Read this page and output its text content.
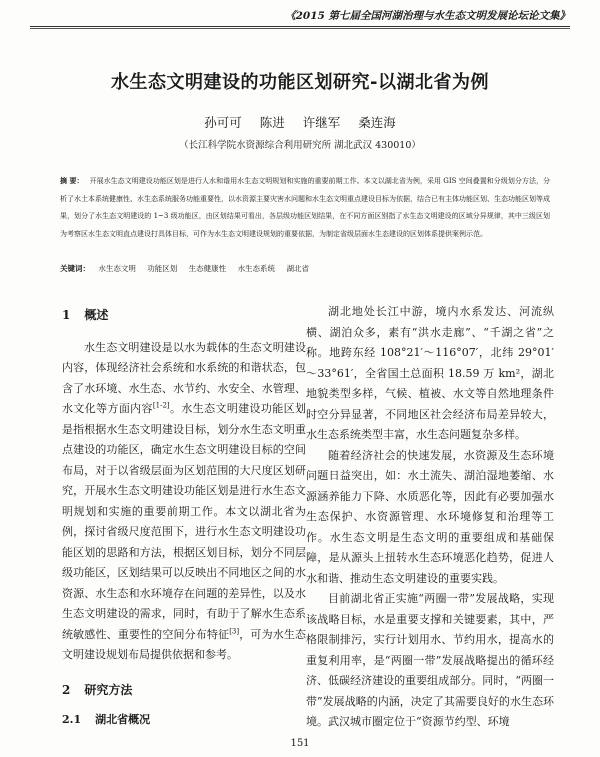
《2015 第七届全国河湖治理与水生态文明发展论坛论文集》
水生态文明建设的功能区划研究-以湖北省为例
孙可可 陈进 许继军 桑连海
（长江科学院水资源综合利用研究所 湖北武汉 430010）
摘 要： 开展水生态文明建设功能区划是进行人水和谐用水生态文明规划和实施的重要前期工作。本文以湖北省为例，采用 GIS 空间叠置和分级划分方法，分析了水土本系统健康性、水生态系统服务功能重要性，以水资源主要灾害水问题和水生态文明重点建设目标为依据，结合已有主体功能区划、生态功能区划等成果，划分了水生态文明建设的 1~3 级功能区，由区划结果可看出，各层级功能区划结果，在不同方面区别指了水生态文明建设的区域分异规律，其中三级区划为考察区水生态文明直点建设打具体目标，可作为水生态文明建设规划的重要依据，为制定省级层面水生态建设的区划体系提供案例示范。
关键词： 水生态文明 功能区划 生态健康性 水生态系统 湖北省
1 概述

水生态文明建设是以水为载体的生态文明建设内容，体现经济社会系统和水系统的和谐状态，包含了水环境、水生态、水节约、水安全、水管理、水文化等方面内容[1-2]。水生态文明建设功能区划是指根据水生态文明建设目标，划分水生态文明重点建设的功能区，确定水生态文明建设目标的空间布局，对于以省级层面为区划范围的大尺度区划研究，开展水生态文明建设功能区划是进行水生态文明规划和实施的重要前期工作。本文以湖北省为例，探讨省级尺度范围下，进行水生态文明建设功能区划的思路和方法，根据区划目标，划分不同层级功能区，区划结果可以反映出不同地区之间的水资源、水生态和水环境存在问题的差异性，以及水生态文明建设的需求，同时，有助于了解水生态系统敏感性、重要性的空间分布特征[3]，可为水生态文明建设规划布局提供依据和参考。

2 研究方法
2.1 湖北省概况

湖北地处长江中游，境内水系发达、河流纵横、湖泊众多，素有“洪水走廊”、“千湖之省”之称。地跨东经 108°21′～116°07′，北纬 29°01′～33°61′，全省国土总面积 18.59 万 km²，湖北地貌类型多样，气候、植被、水文等自然地理条件时空分异显著，不同地区社会经济布局差异较大，水生态系统类型丰富，水生态问题复杂多样。

随着经济社会的快速发展，水资源及生态环境问题日益突出，如：水土流失、湖泊湿地萎缩、水源涵养能力下降、水质恶化等，因此有必要加强水生态保护、水资源管理、水环境修复和治理等工作。水生态文明是生态文明的重要组成和基础保障，是从源头上扭转水生态环境恶化趋势，促进人水和谐、推动生态文明建设的重要实践。

目前湖北省正实施“两圈一带”发展战略，实现该战略目标，水是重要支撑和关键要素，其中，严格限制排污，实行计划用水、节约用水，提高水的重复利用率，是“两圈一带”发展战略提出的循环经济、低碳经济建设的重要组成部分。同时，“两圈一带”发展战略的内涵，决定了其需要良好的水生态环境。武汉城市圈定位于“资源节约型、环境

151
